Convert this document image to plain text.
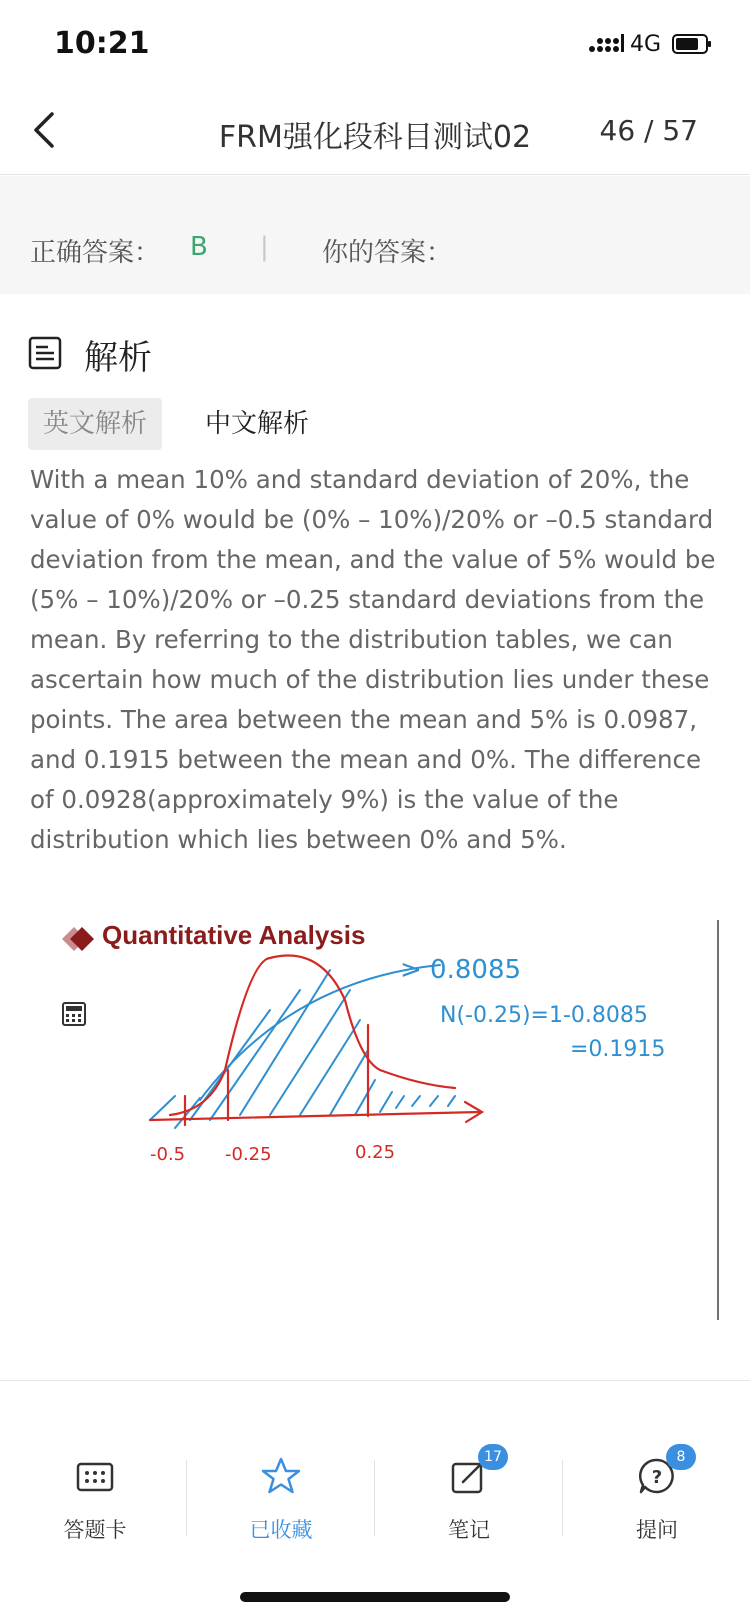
10:21	4G
FRM强化段科目测试02	46 / 57
正确答案： B | 你的答案：
解析
英文解析	中文解析
With a mean 10% and standard deviation of 20%, the value of 0% would be (0% – 10%)/20% or –0.5 standard deviation from the mean, and the value of 5% would be (5% – 10%)/20% or –0.25 standard deviations from the mean. By referring to the distribution tables, we can ascertain how much of the distribution lies under these points. The area between the mean and 5% is 0.0987, and 0.1915 between the mean and 0%. The difference of 0.0928(approximately 9%) is the value of the distribution which lies between 0% and 5%.
> 0.8085
N(-0.25)=1-0.8085
=0.1915
-0.5 -0.25	0.25
Quantitative Analysis
答题卡	已收藏
17
笔记
?
8
提问
